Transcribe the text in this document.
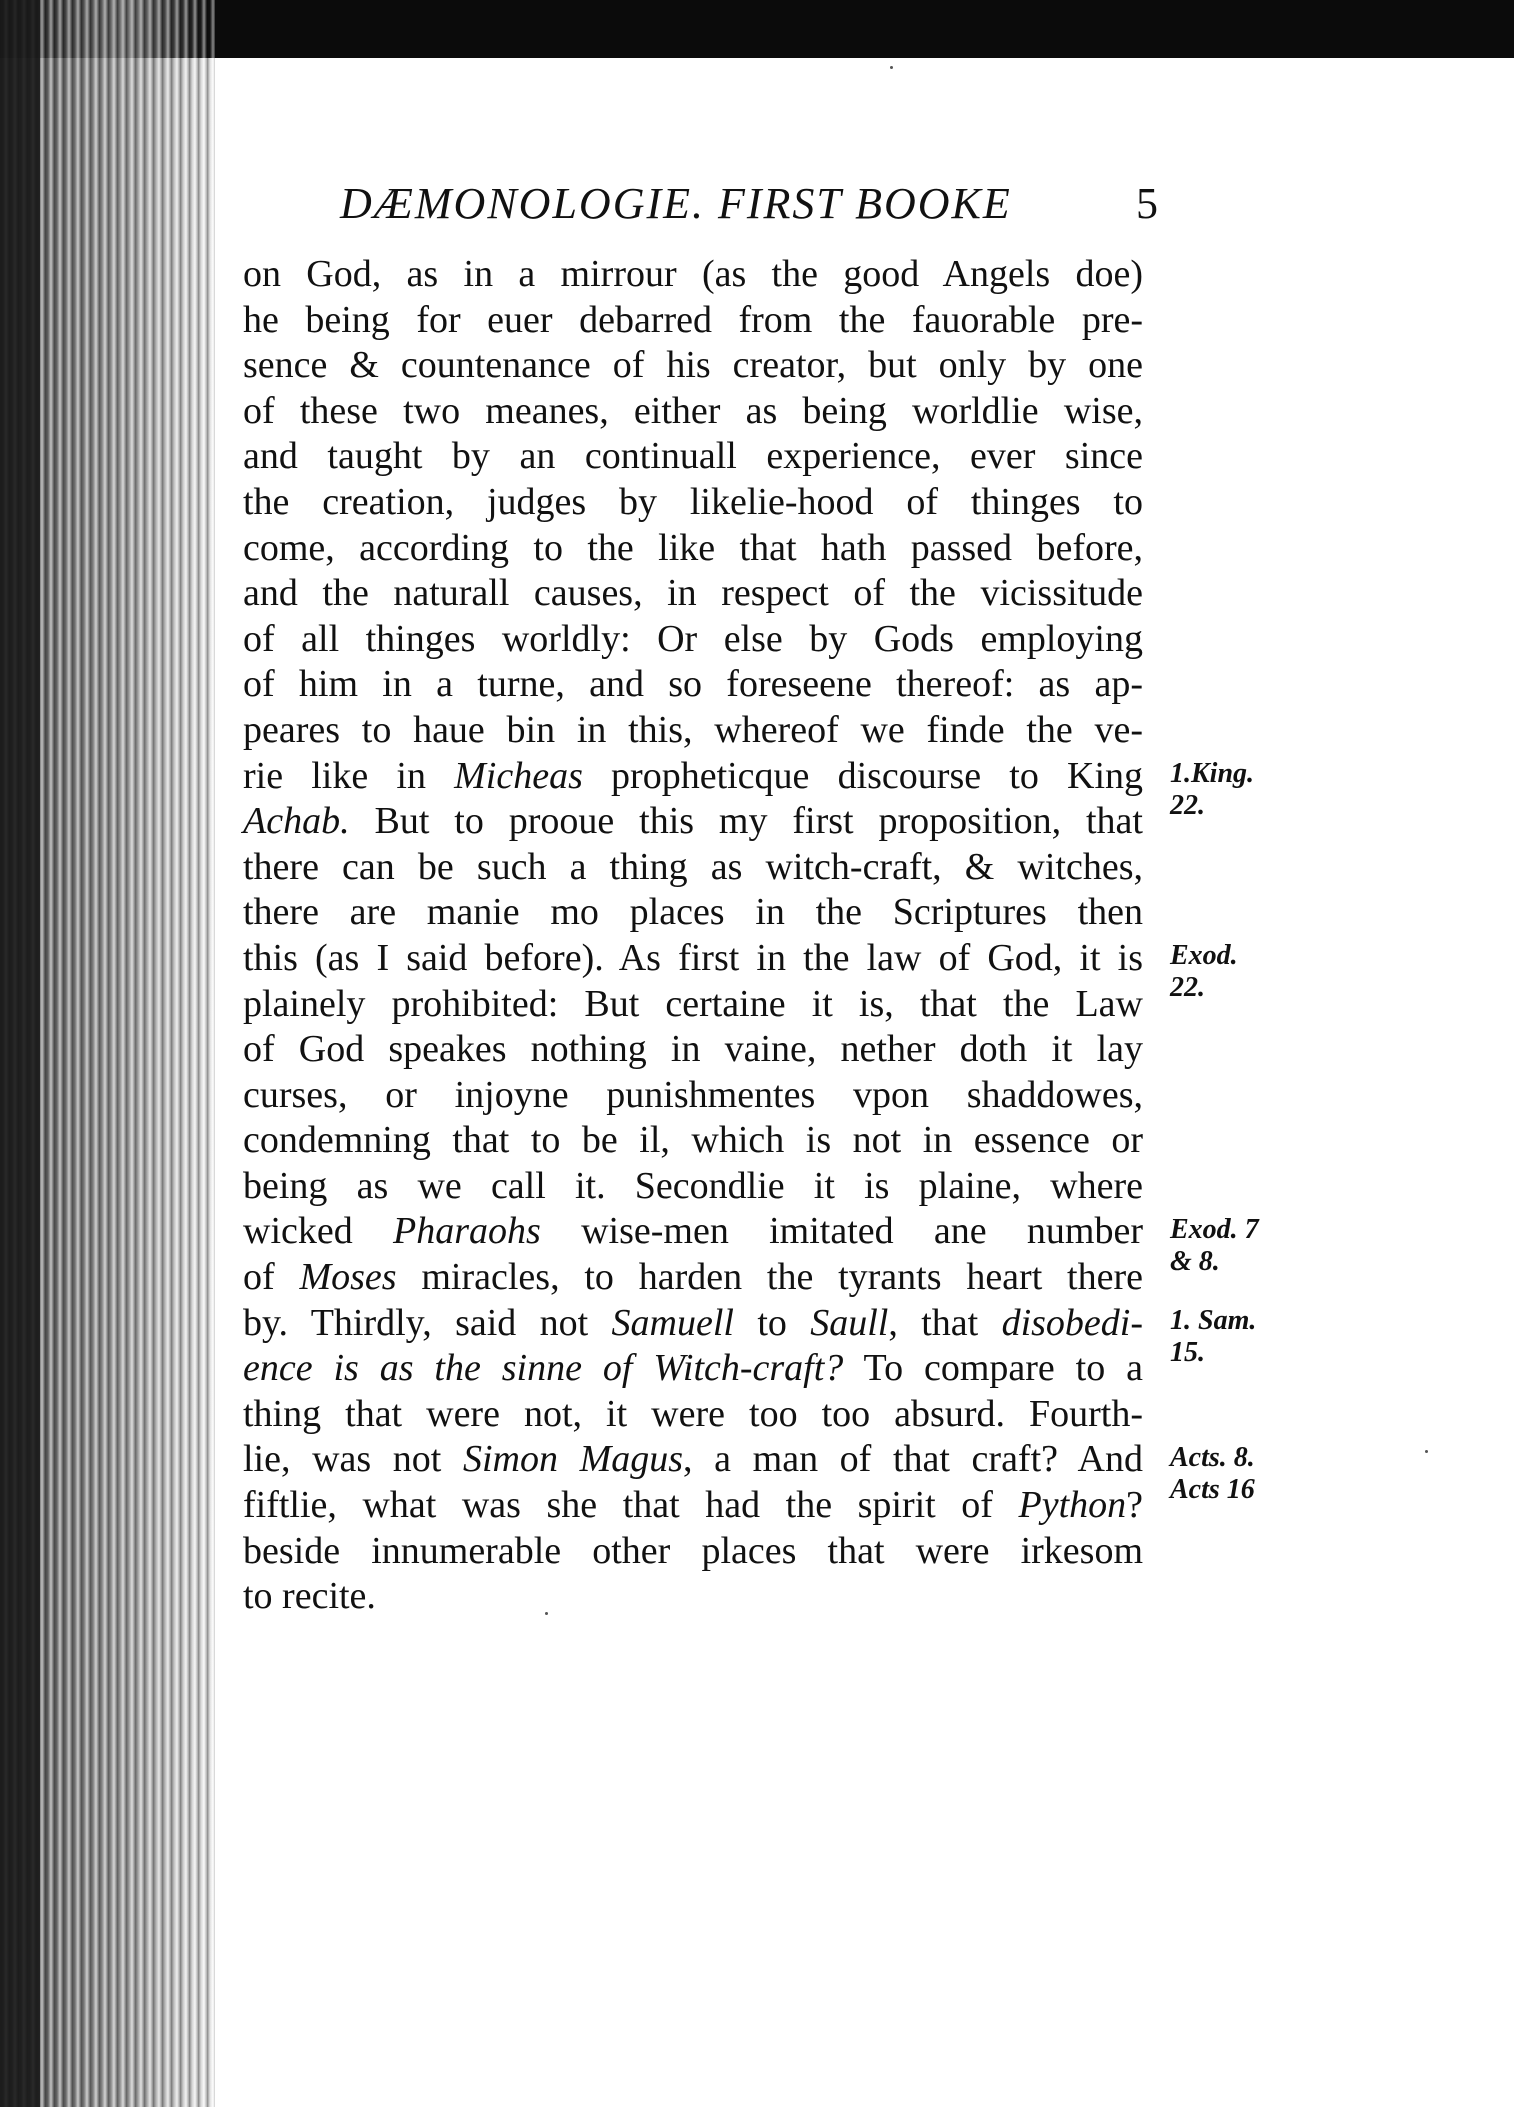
DÆMONOLOGIE. FIRST BOOKE	5
on God, as in a mirrour (as the good Angels doe)
he being for euer debarred from the fauorable pre-
sence & countenance of his creator, but only by one
of these two meanes, either as being worldlie wise,
and taught by an continuall experience, ever since
the creation, judges by likelie-hood of thinges to
come, according to the like that hath passed before,
and the naturall causes, in respect of the vicissitude
of all thinges worldly: Or else by Gods employing
of him in a turne, and so foreseene thereof: as ap-
peares to haue bin in this, whereof we finde the ve-
rie like in Micheas propheticque discourse to King
Achab. But to prooue this my first proposition, that
there can be such a thing as witch-craft, & witches,
there are manie mo places in the Scriptures then
this (as I said before). As first in the law of God, it is
plainely prohibited: But certaine it is, that the Law
of God speakes nothing in vaine, nether doth it lay
curses, or injoyne punishmentes vpon shaddowes,
condemning that to be il, which is not in essence or
being as we call it. Secondlie it is plaine, where
wicked Pharaohs wise-men imitated ane number
of Moses miracles, to harden the tyrants heart there
by. Thirdly, said not Samuell to Saull, that disobedi-
ence is as the sinne of Witch-craft? To compare to a
thing that were not, it were too too absurd. Fourth-
lie, was not Simon Magus, a man of that craft? And
fiftlie, what was she that had the spirit of Python?
beside innumerable other places that were irkesom
to recite.
1.King.
22.
Exod.
22.
Exod. 7
& 8.
1. Sam.
15.
Acts. 8.
Acts 16
